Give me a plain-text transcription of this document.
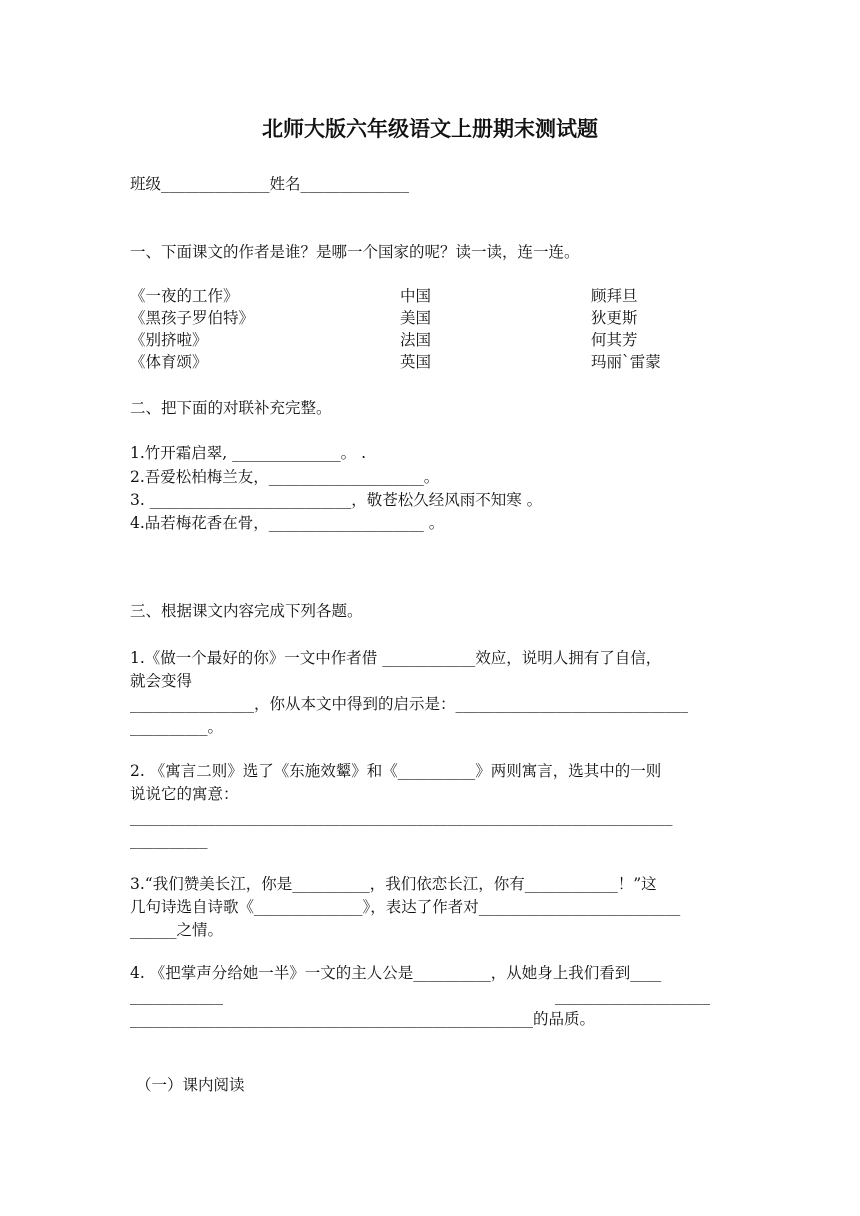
北师大版六年级语文上册期末测试题
班级______________姓名______________
一、下面课文的作者是谁？是哪一个国家的呢？读一读，连一连。
《一夜的工作》
《黑孩子罗伯特》
《别挤啦》
《体育颂》
中国
美国
法国
英国
顾拜旦
狄更斯
何其芳
玛丽`雷蒙
二、把下面的对联补充完整。
1.竹开霜启翠, ______________。 .
2.吾爱松柏梅兰友，____________________。
3. __________________________，敬苍松久经风雨不知寒 。
4.品若梅花香在骨，____________________ 。
三、根据课文内容完成下列各题。
1.《做一个最好的你》一文中作者借 ____________效应，说明人拥有了自信，
就会变得
________________，你从本文中得到的启示是：______________________________
__________。
2. 《寓言二则》选了《东施效颦》和《__________》两则寓言，选其中的一则
说说它的寓意：
______________________________________________________________________
__________
3.“我们赞美长江，你是__________，我们依恋长江，你有____________！”这
几句诗选自诗歌《______________》，表达了作者对__________________________
______之情。
4. 《把掌声分给她一半》一文的主人公是__________，从她身上我们看到____
____________	____________________
____________________________________________________的品质。
（一）课内阅读
